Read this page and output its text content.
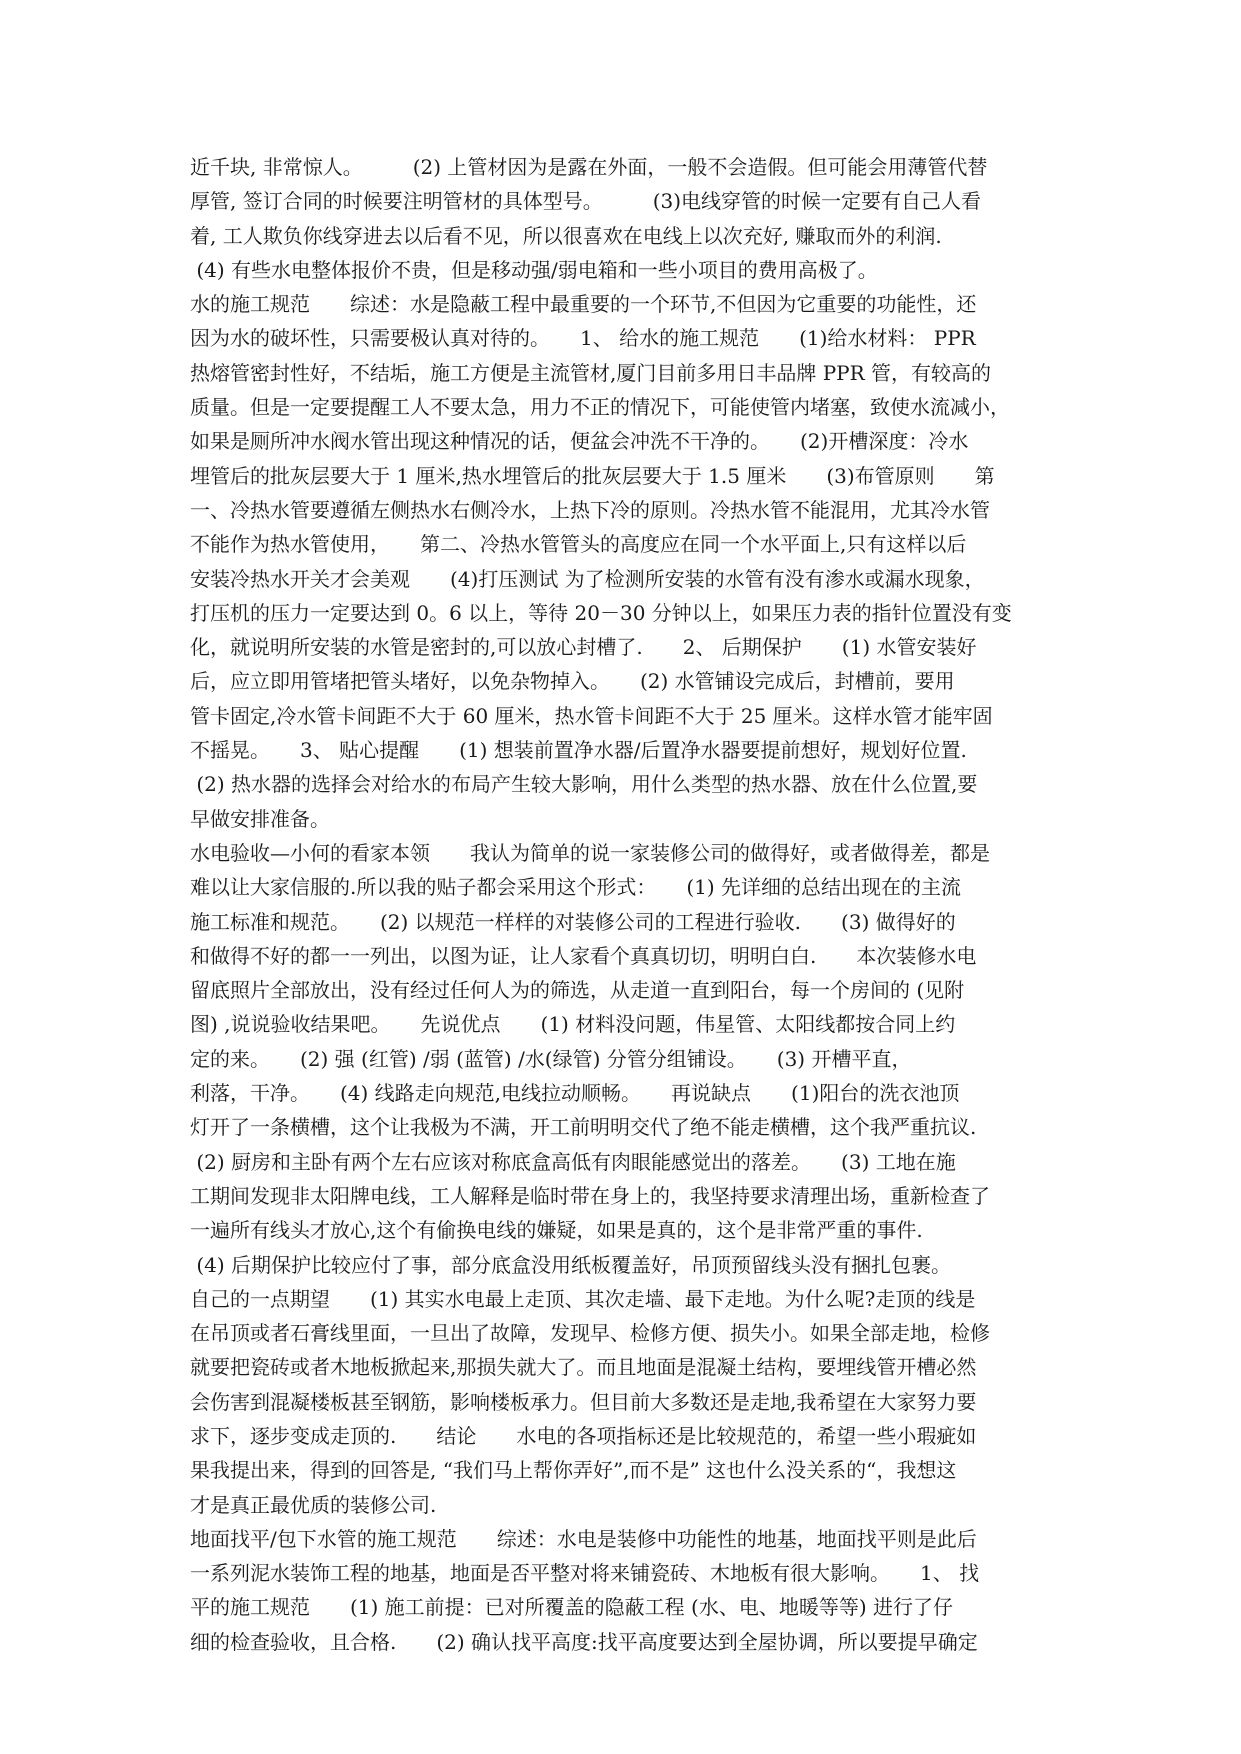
近千块, 非常惊人。　　　(2) 上管材因为是露在外面，一般不会造假。但可能会用薄管代替
厚管, 签订合同的时候要注明管材的具体型号。　　　(3)电线穿管的时候一定要有自己人看
着, 工人欺负你线穿进去以后看不见，所以很喜欢在电线上以次充好, 赚取而外的利润.
(4) 有些水电整体报价不贵，但是移动强/弱电箱和一些小项目的费用高极了。
水的施工规范　　综述：水是隐蔽工程中最重要的一个环节,不但因为它重要的功能性，还
因为水的破坏性，只需要极认真对待的。　　1、 给水的施工规范　　(1)给水材料： PPR
热熔管密封性好，不结垢，施工方便是主流管材,厦门目前多用日丰品牌 PPR 管，有较高的
质量。但是一定要提醒工人不要太急，用力不正的情况下，可能使管内堵塞，致使水流减小，
如果是厕所冲水阀水管出现这种情况的话，便盆会冲洗不干净的。　　(2)开槽深度：冷水
埋管后的批灰层要大于 1 厘米,热水埋管后的批灰层要大于 1.5 厘米　　(3)布管原则　　第
一、冷热水管要遵循左侧热水右侧冷水，上热下冷的原则。冷热水管不能混用，尤其冷水管
不能作为热水管使用，　　第二、冷热水管管头的高度应在同一个水平面上,只有这样以后
安装冷热水开关才会美观　　(4)打压测试 为了检测所安装的水管有没有渗水或漏水现象，
打压机的压力一定要达到 0。6 以上，等待 20－30 分钟以上，如果压力表的指针位置没有变
化，就说明所安装的水管是密封的,可以放心封槽了.　　2、 后期保护　　(1) 水管安装好
后，应立即用管堵把管头堵好，以免杂物掉入。　　(2) 水管铺设完成后，封槽前，要用
管卡固定,冷水管卡间距不大于 60 厘米，热水管卡间距不大于 25 厘米。这样水管才能牢固
不摇晃。　　3、 贴心提醒　　(1) 想装前置净水器/后置净水器要提前想好，规划好位置.
(2) 热水器的选择会对给水的布局产生较大影响，用什么类型的热水器、放在什么位置,要
早做安排准备。
水电验收—小何的看家本领　　我认为简单的说一家装修公司的做得好，或者做得差，都是
难以让大家信服的.所以我的贴子都会采用这个形式：　　(1) 先详细的总结出现在的主流
施工标准和规范。　　(2) 以规范一样样的对装修公司的工程进行验收.　　(3) 做得好的
和做得不好的都一一列出，以图为证，让人家看个真真切切，明明白白.　　本次装修水电
留底照片全部放出，没有经过任何人为的筛选，从走道一直到阳台，每一个房间的 (见附
图) ,说说验收结果吧。　　先说优点　　(1) 材料没问题，伟星管、太阳线都按合同上约
定的来。　　(2) 强 (红管) /弱 (蓝管) /水(绿管) 分管分组铺设。　　(3) 开槽平直，
利落，干净。　　(4) 线路走向规范,电线拉动顺畅。　　再说缺点　　(1)阳台的洗衣池顶
灯开了一条横槽，这个让我极为不满，开工前明明交代了绝不能走横槽，这个我严重抗议.
(2) 厨房和主卧有两个左右应该对称底盒高低有肉眼能感觉出的落差。　　(3) 工地在施
工期间发现非太阳牌电线，工人解释是临时带在身上的，我坚持要求清理出场，重新检查了
一遍所有线头才放心,这个有偷换电线的嫌疑，如果是真的，这个是非常严重的事件.
(4) 后期保护比较应付了事，部分底盒没用纸板覆盖好，吊顶预留线头没有捆扎包裹。
自己的一点期望　　(1) 其实水电最上走顶、其次走墙、最下走地。为什么呢?走顶的线是
在吊顶或者石膏线里面，一旦出了故障，发现早、检修方便、损失小。如果全部走地，检修
就要把瓷砖或者木地板掀起来,那损失就大了。而且地面是混凝土结构，要埋线管开槽必然
会伤害到混凝楼板甚至钢筋，影响楼板承力。但目前大多数还是走地,我希望在大家努力要
求下，逐步变成走顶的.　　结论　　水电的各项指标还是比较规范的，希望一些小瑕疵如
果我提出来，得到的回答是, “我们马上帮你弄好”,而不是” 这也什么没关系的“，我想这
才是真正最优质的装修公司.
地面找平/包下水管的施工规范　　综述：水电是装修中功能性的地基，地面找平则是此后
一系列泥水装饰工程的地基，地面是否平整对将来铺瓷砖、木地板有很大影响。　　1、 找
平的施工规范　　(1) 施工前提：已对所覆盖的隐蔽工程 (水、电、地暖等等) 进行了仔
细的检查验收，且合格.　　(2) 确认找平高度:找平高度要达到全屋协调，所以要提早确定
